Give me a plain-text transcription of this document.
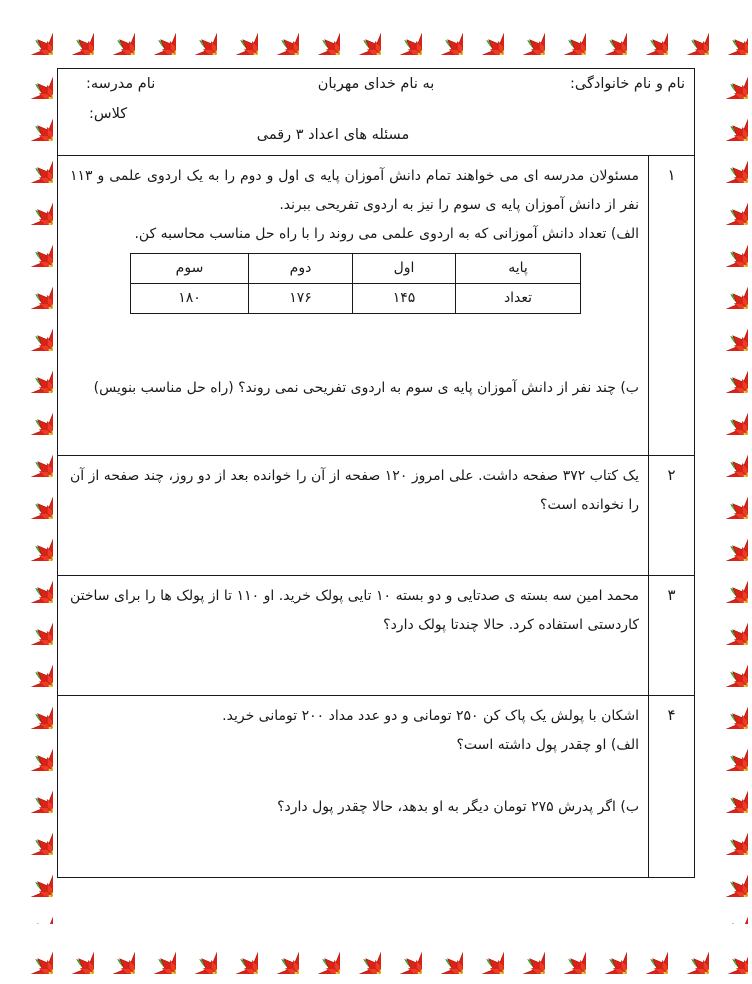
نام و نام خانوادگی:
به نام خدای مهربان
نام مدرسه:
کلاس:
مسئله های اعداد ۳ رقمی
۱
مسئولان مدرسه ای می خواهند تمام دانش آموزان پایه ی اول و دوم را به یک اردوی علمی و ۱۱۳ نفر از دانش آموزان پایه ی سوم را نیز به اردوی تفریحی ببرند.
الف) تعداد دانش آموزانی که به اردوی علمی می روند را با راه حل مناسب محاسبه کن.
پایه	اول	دوم	سوم
تعداد	۱۴۵	۱۷۶	۱۸۰
ب) چند نفر از دانش آموزان پایه ی سوم به اردوی تفریحی نمی روند؟ (راه حل مناسب بنویس)
۲
یک کتاب ۳۷۲ صفحه داشت. علی امروز ۱۲۰ صفحه از آن را خوانده بعد از دو روز، چند صفحه از آن را نخوانده است؟
۳
محمد امین سه بسته ی صدتایی و دو بسته ۱۰ تایی پولک خرید. او ۱۱۰ تا از پولک ها را برای ساختن کاردستی استفاده کرد. حالا چندتا پولک دارد؟
۴
اشکان با پولش یک پاک کن ۲۵۰ تومانی و دو عدد مداد ۲۰۰ تومانی خرید.
الف) او چقدر پول داشته است؟
ب) اگر پدرش ۲۷۵ تومان دیگر به او بدهد، حالا چقدر پول دارد؟
